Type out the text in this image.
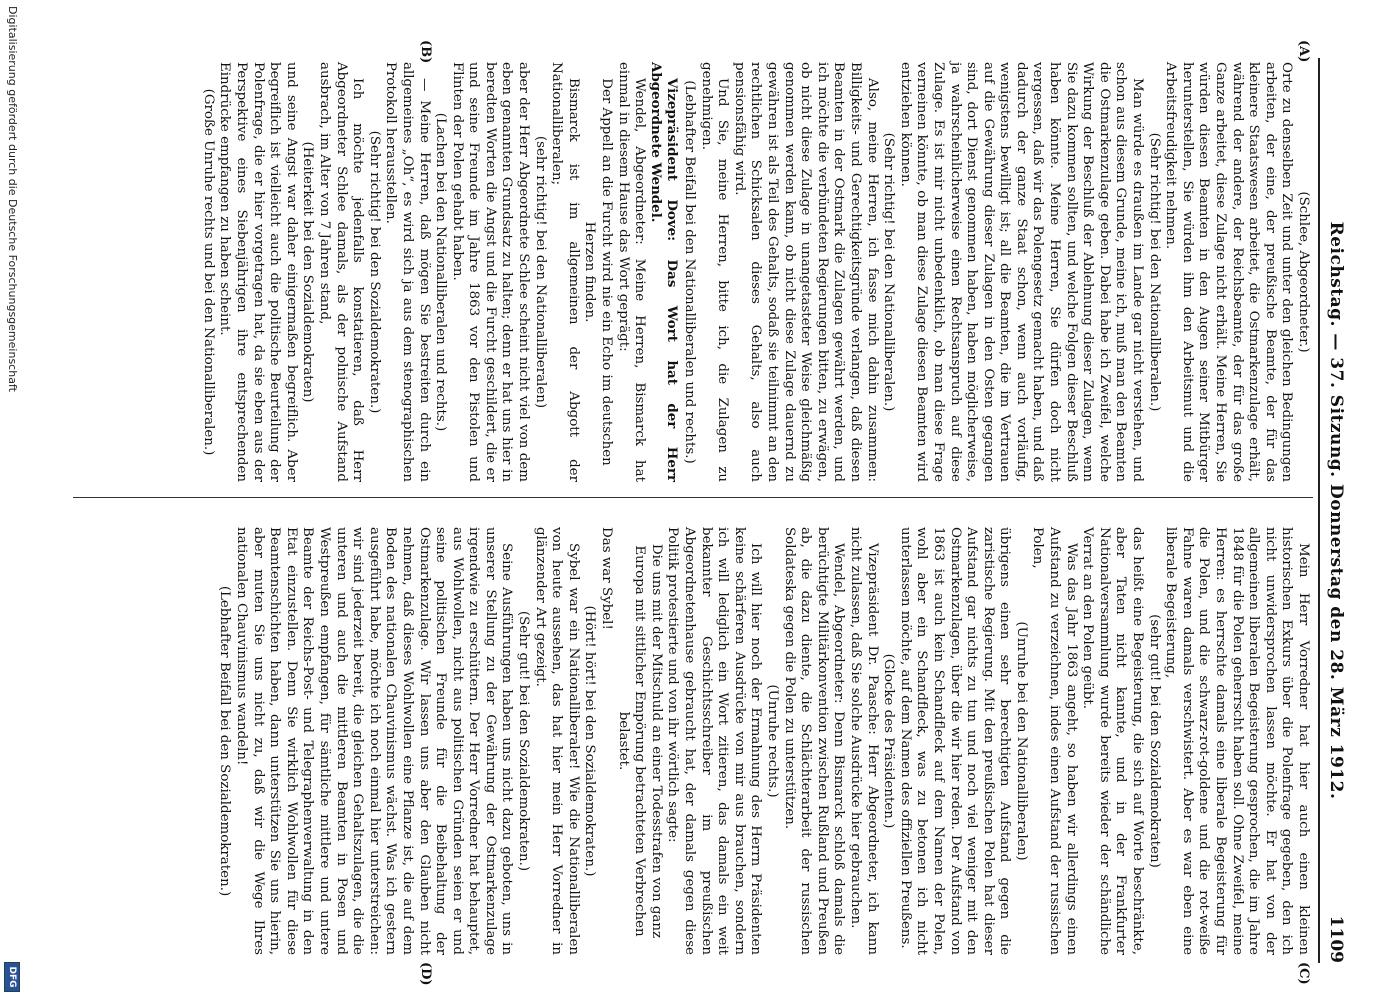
Reichstag. — 37. Sitzung. Donnerstag den 28. März 1912.
1109
(A)
(B)
(C)
(D)

(Schlee, Abgeordneter.)

Orte zu denselben Zeit und unter den gleichen Bedingungen arbeiten, der eine, der preußische Beamte, der für das kleinere Staatswesen arbeitet, die Ostmarkenzulage erhält, während der andere, der Reichsbeamte, der für das große Ganze arbeitet, diese Zulage nicht erhält. Meine Herren, Sie würden diesen Beamten in den Augen seiner Mitbürger herunterstellen, Sie würden ihm den Arbeitsmut und die Arbeitsfreudigkeit nehmen.

(Sehr richtig! bei den Nationalliberalen.)

Man würde es draußen im Lande gar nicht verstehen, und schon aus diesem Grunde, meine ich, muß man den Beamten die Ostmarkenzulage geben. Dabei habe ich Zweifel, welche Wirkung der Beschluß der Ablehnung dieser Zulagen, wenn Sie dazu kommen sollten, und welche Folgen dieser Beschluß haben könnte. Meine Herren, Sie dürfen doch nicht vergessen, daß wir das Polengesetz gemacht haben, und daß dadurch der ganze Staat schon, wenn auch vorläufig, wenigstens bewilligt ist; all die Beamten, die im Vertrauen auf die Gewährung dieser Zulagen in den Osten gegangen sind, dort Dienst genommen haben, haben möglicherweise, ja wahrscheinlicherweise einen Rechtsanspruch auf diese Zulage. Es ist mir nicht unbedenklich, ob man diese Frage verneinen könnte, ob man diese Zulage diesen Beamten wird entziehen können.

(Sehr richtig! bei den Nationalliberalen.)

Also, meine Herren, ich fasse mich dahin zusammen: Billigkeits- und Gerechtigkeitsgründe verlangen, daß diesen Beamten in der Ostmark die Zulagen gewährt werden, und ich möchte die verbündeten Regierungen bitten, zu erwägen, ob nicht diese Zulage in unangetasteter Weise gleichmäßig genommen werden kann, ob nicht diese Zulage dauernd zu gewähren ist als Teil des Gehalts, sodaß sie teilnimmt an den rechtlichen Schicksalen dieses Gehalts, also auch pensionsfähig wird.

Und Sie, meine Herren, bitte ich, die Zulagen zu genehmigen.

(Lebhafter Beifall bei den Nationalliberalen und rechts.)

Vizepräsident Dove: Das Wort hat der Herr Abgeordnete Wendel.

Wendel, Abgeordneter: Meine Herren, Bismarck hat einmal in diesem Hause das Wort geprägt:

Der Appell an die Furcht wird nie ein Echo im deutschen Herzen finden.

Bismarck ist im allgemeinen der Abgott der Nationalliberalen;

(sehr richtig! bei den Nationalliberalen)

aber der Herr Abgeordnete Schlee scheint nicht viel von dem eben genannten Grundsatz zu halten; denn er hat uns hier in beredten Worten die Angst und die Furcht geschildert, die er und seine Freunde im Jahre 1863 vor den Pistolen und Flinten der Polen gehabt haben.

(Lachen bei den Nationalliberalen und rechts.)

— Meine Herren, daß mögen Sie bestreiten durch ein allgemeines „Oh“, es wird sich ja aus dem stenographischen Protokoll herausstellen.

(Sehr richtig! bei den Sozialdemokraten.)

Ich möchte jedenfalls konstatieren, daß Herr Abgeordneter Schlee damals, als der polnische Aufstand ausbrach, im Alter von 7 Jahren stand,

(Heiterkeit bei den Sozialdemokraten)

und seine Angst war daher einigermaßen begreiflich. Aber begreiflich ist vielleicht auch die politische Beurteilung der Polenfrage, die er hier vorgetragen hat, da sie eben aus der Perspektive eines Siebenjährigen ihre entsprechenden Eindrücke empfangen zu haben scheint.

(Große Unruhe rechts und bei den Nationalliberalen.)

Mein Herr Vorredner hat hier auch einen kleinen historischen Exkurs über die Polenfrage gegeben, den ich nicht unwidersprochen lassen möchte. Er hat von der allgemeinen liberalen Begeisterung gesprochen, die im Jahre 1848 für die Polen geherrscht haben soll. Ohne Zweifel, meine Herren: es herrschte damals eine liberale Begeisterung für die Polen, und die schwarz-rot-goldene und die rot-weiße Fahne waren damals verschwistert. Aber es war eben eine liberale Begeisterung,

(sehr gut! bei den Sozialdemokraten)

das heißt eine Begeisterung, die sich auf Worte beschränkte, aber Taten nicht kannte, und in der Frankfurter Nationalversammlung wurde bereits wieder der schändliche Verrat an den Polen geübt.

Was das Jahr 1863 angeht, so haben wir allerdings einen Aufstand zu verzeichnen, indes einen Aufstand der russischen Polen,

(Unruhe bei den Nationalliberalen)

übrigens einen sehr berechtigten Aufstand gegen die zaristische Regierung. Mit den preußischen Polen hat dieser Aufstand gar nichts zu tun und noch viel weniger mit den Ostmarkenzulagen, über die wir hier reden. Der Aufstand von 1863 ist auch kein Schandfleck auf dem Namen der Polen, wohl aber ein Schandfleck, was zu betonen ich nicht unterlassen möchte, auf dem Namen des offiziellen Preußens.

(Glocke des Präsidenten.)

Vizepräsident Dr. Paasche: Herr Abgeordneter, ich kann nicht zulassen, daß Sie solche Ausdrücke hier gebrauchen.

Wendel, Abgeordneter: Denn Bismarck schloß damals die berüchtigte Militärkonvention zwischen Rußland und Preußen ab, die dazu diente, die Schlächterarbeit der russischen Soldateska gegen die Polen zu unterstützen.

(Unruhe rechts.)

Ich will hier noch der Ermahnung des Herrn Präsidenten keine schärferen Ausdrücke von mir aus brauchen, sondern ich will lediglich ein Wort zitieren, das damals ein weit bekannter Geschichtsschreiber im preußischen Abgeordnetenhause gebraucht hat, der damals gegen diese Politik protestierte und von ihr wörtlich sagte:

Die uns mit der Mitschuld an einer Todesstrafen von ganz Europa mit sittlicher Empörung betrachteten Verbrechen belastet.

Das war Sybel!

(Hört! hört! bei den Sozialdemokraten.)

Sybel war ein Nationalliberaler! Wie die Nationalliberalen von heute aussehen, das hat hier mein Herr Vorredner in glänzender Art gezeigt.

(Sehr gut! bei den Sozialdemokraten.)

Seine Ausführungen haben uns nicht dazu geboten, uns in unserer Stellung zu der Gewährung der Ostmarkenzulage irgendwie zu erschüttern. Der Herr Vorredner hat behauptet, aus Wohlwollen, nicht aus politischen Gründen seien er und seine politischen Freunde für die Beibehaltung der Ostmarkenzulage. Wir lassen uns aber den Glauben nicht nehmen, daß dieses Wohlwollen eine Pflanze ist, die auf dem Boden des nationalen Chauvinismus wächst. Was ich gestern ausgeführt habe, möchte ich noch einmal hier unterstreichen: wir sind jederzeit bereit, die gleichen Gehaltszulagen, die die unteren und auch die mittleren Beamten in Posen und Westpreußen empfangen, für sämtliche mittlere und untere Beamte der Reichs-Post- und Telegraphenverwaltung in den Etat einzustellen. Denn Sie wirklich Wohlwollen für diese Beamtenschichten haben, dann unterstützen Sie uns hierin, aber muten Sie uns nicht zu, daß wir die Wege Ihres nationalen Chauvinismus wandeln!

(Lebhafter Beifall bei den Sozialdemokraten.)

Digitalisierung gefördert durch die Deutsche Forschungsgemeinschaft
DFG
